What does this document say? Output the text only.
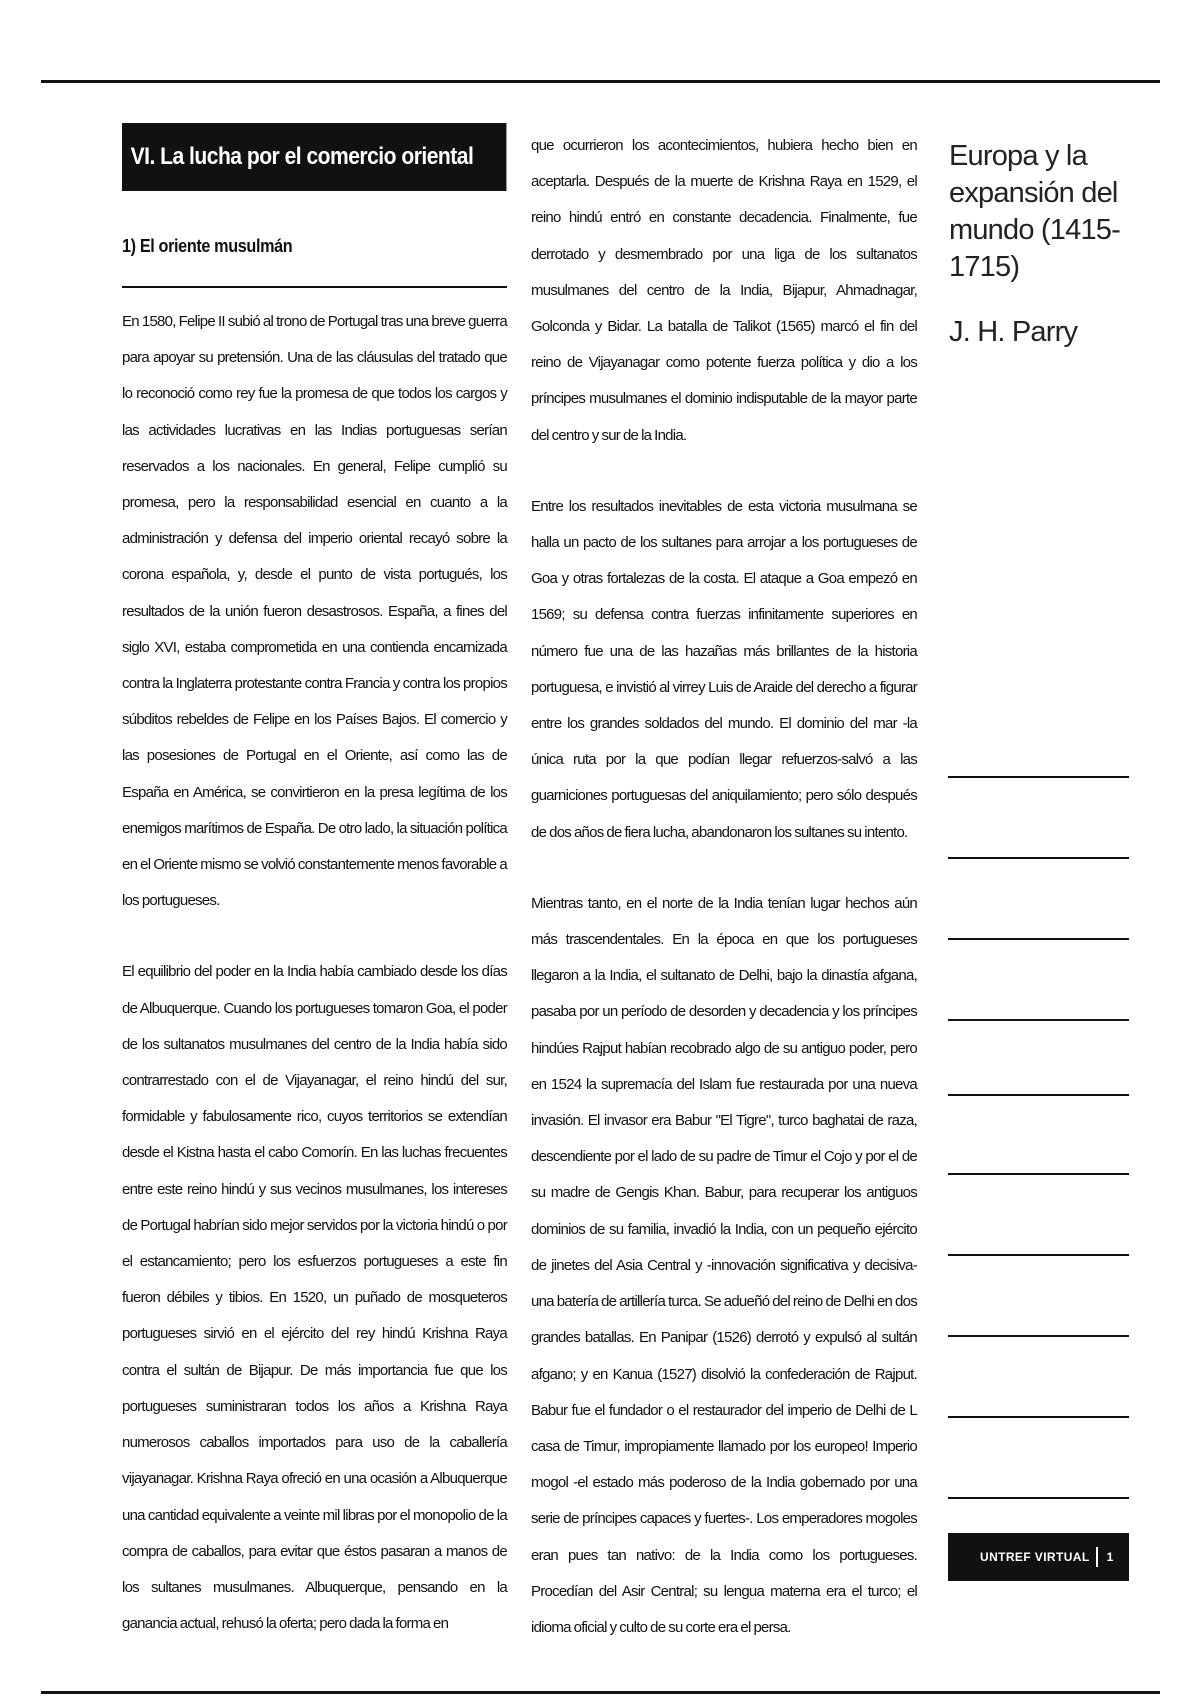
VI. La lucha por el comercio oriental
1) El oriente musulmán

En 1580, Felipe II subió al trono de Portugal tras una breve guerra para apoyar su pretensión. Una de las cláusulas del tratado que lo reconoció como rey fue la promesa de que todos los cargos y las actividades lucrativas en las Indias portuguesas serían reservados a los nacionales. En general, Felipe cumplió su promesa, pero la responsabilidad esencial en cuanto a la administración y defensa del imperio oriental recayó sobre la corona española, y, desde el punto de vista portugués, los resultados de la unión fueron desastrosos. España, a fines del siglo XVI, estaba comprometida en una contienda encarnizada contra la Inglaterra protestante contra Francia y contra los propios súbditos rebeldes de Felipe en los Países Bajos. El comercio y las posesiones de Portugal en el Oriente, así como las de España en América, se convirtieron en la presa legítima de los enemigos marítimos de España. De otro lado, la situación política en el Oriente mismo se volvió constantemente menos favorable a los portugueses.

El equilibrio del poder en la India había cambiado desde los días de Albuquerque. Cuando los portugueses tomaron Goa, el poder de los sultanatos musulmanes del centro de la India había sido contrarrestado con el de Vijayanagar, el reino hindú del sur, formidable y fabulosamente rico, cuyos territorios se extendían desde el Kistna hasta el cabo Comorín. En las luchas frecuentes entre este reino hindú y sus vecinos musulmanes, los intereses de Portugal habrían sido mejor servidos por la victoria hindú o por el estancamiento; pero los esfuerzos portugueses a este fin fueron débiles y tibios. En 1520, un puñado de mosqueteros portugueses sirvió en el ejército del rey hindú Krishna Raya contra el sultán de Bijapur. De más importancia fue que los portugueses suministraran todos los años a Krishna Raya numerosos caballos importados para uso de la caballería vijayanagar. Krishna Raya ofreció en una ocasión a Albuquerque una cantidad equivalente a veinte mil libras por el monopolio de la compra de caballos, para evitar que éstos pasaran a manos de los sultanes musulmanes. Albuquerque, pensando en la ganancia actual, rehusó la oferta; pero dada la forma en

que ocurrieron los acontecimientos, hubiera hecho bien en aceptarla. Después de la muerte de Krishna Raya en 1529, el reino hindú entró en constante decadencia. Finalmente, fue derrotado y desmembrado por una liga de los sultanatos musulmanes del centro de la India, Bijapur, Ahmadnagar, Golconda y Bidar. La batalla de Talikot (1565) marcó el fin del reino de Vijayanagar como potente fuerza política y dio a los príncipes musulmanes el dominio indisputable de la mayor parte del centro y sur de la India.

Entre los resultados inevitables de esta victoria musulmana se halla un pacto de los sultanes para arrojar a los portugueses de Goa y otras fortalezas de la costa. El ataque a Goa empezó en 1569; su defensa contra fuerzas infinitamente superiores en número fue una de las hazañas más brillantes de la historia portuguesa, e invistió al virrey Luis de Araide del derecho a figurar entre los grandes soldados del mundo. El dominio del mar -la única ruta por la que podían llegar refuerzos-salvó a las guarniciones portuguesas del aniquilamiento; pero sólo después de dos años de fiera lucha, abandonaron los sultanes su intento.

Mientras tanto, en el norte de la India tenían lugar hechos aún más trascendentales. En la época en que los portugueses llegaron a la India, el sultanato de Delhi, bajo la dinastía afgana, pasaba por un período de desorden y decadencia y los príncipes hindúes Rajput habían recobrado algo de su antiguo poder, pero en 1524 la supremacía del Islam fue restaurada por una nueva invasión. El invasor era Babur "El Tigre", turco baghatai de raza, descendiente por el lado de su padre de Timur el Cojo y por el de su madre de Gengis Khan. Babur, para recuperar los antiguos dominios de su familia, invadió la India, con un pequeño ejército de jinetes del Asia Central y -innovación significativa y decisiva- una batería de artillería turca. Se adueñó del reino de Delhi en dos grandes batallas. En Panipar (1526) derrotó y expulsó al sultán afgano; y en Kanua (1527) disolvió la confederación de Rajput. Babur fue el fundador o el restaurador del imperio de Delhi de L casa de Timur, impropiamente llamado por los europeo! Imperio mogol -el estado más poderoso de la India gobernado por una serie de príncipes capaces y fuertes-. Los emperadores mogoles eran pues tan nativo: de la India como los portugueses. Procedían del Asir Central; su lengua materna era el turco; el idioma oficial y culto de su corte era el persa.

Europa y la expansión del mundo (1415- 1715)
J. H. Parry
UNTREF VIRTUAL 1
